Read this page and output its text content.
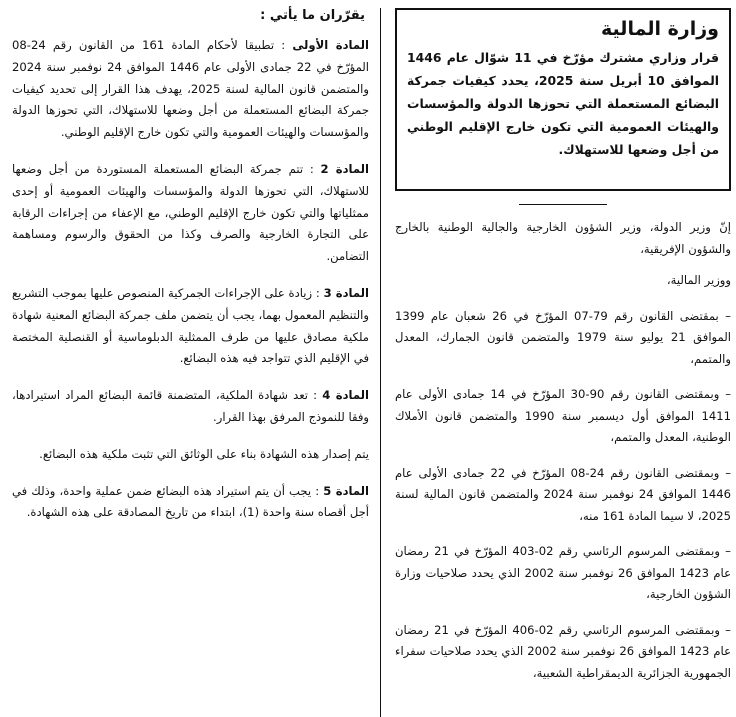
وزارة المالية

قرار وزاري مشترك مؤرّخ في 11 شوّال عام 1446 الموافق 10 أبريل سنة 2025، يحدد كيفيات جمركة البضائع المستعملة التي تحوزها الدولة والمؤسسات والهيئات العمومية التي تكون خارج الإقليم الوطني من أجل وضعها للاستهلاك.

إنّ وزير الدولة، وزير الشؤون الخارجية والجالية الوطنية بالخارج والشؤون الإفريقية،

ووزير المالية،

– بمقتضى القانون رقم 79-07 المؤرّخ في 26 شعبان عام 1399 الموافق 21 يوليو سنة 1979 والمتضمن قانون الجمارك، المعدل والمتمم،

– وبمقتضى القانون رقم 90-30 المؤرّخ في 14 جمادى الأولى عام 1411 الموافق أول ديسمبر سنة 1990 والمتضمن قانون الأملاك الوطنية، المعدل والمتمم،

– وبمقتضى القانون رقم 24-08 المؤرّخ في 22 جمادى الأولى عام 1446 الموافق 24 نوفمبر سنة 2024 والمتضمن قانون المالية لسنة 2025، لا سيما المادة 161 منه،

– وبمقتضى المرسوم الرئاسي رقم 02-403 المؤرّخ في 21 رمضان عام 1423 الموافق 26 نوفمبر سنة 2002 الذي يحدد صلاحيات وزارة الشؤون الخارجية،

– وبمقتضى المرسوم الرئاسي رقم 02-406 المؤرّخ في 21 رمضان عام 1423 الموافق 26 نوفمبر سنة 2002 الذي يحدد صلاحيات سفراء الجمهورية الجزائرية الديمقراطية الشعبية،

يقرّران ما يأتي :

المادة الأولى : تطبيقا لأحكام المادة 161 من القانون رقم 24-08 المؤرّخ في 22 جمادى الأولى عام 1446 الموافق 24 نوفمبر سنة 2024 والمتضمن قانون المالية لسنة 2025، يهدف هذا القرار إلى تحديد كيفيات جمركة البضائع المستعملة من أجل وضعها للاستهلاك، التي تحوزها الدولة والمؤسسات والهيئات العمومية والتي تكون خارج الإقليم الوطني.

المادة 2 : تتم جمركة البضائع المستعملة المستوردة من أجل وضعها للاستهلاك، التي تحوزها الدولة والمؤسسات والهيئات العمومية أو إحدى ممثلياتها والتي تكون خارج الإقليم الوطني، مع الإعفاء من إجراءات الرقابة على التجارة الخارجية والصرف وكذا من الحقوق والرسوم ومساهمة التضامن.

المادة 3 : زيادة على الإجراءات الجمركية المنصوص عليها بموجب التشريع والتنظيم المعمول بهما، يجب أن يتضمن ملف جمركة البضائع المعنية شهادة ملكية مصادق عليها من طرف الممثلية الدبلوماسية أو القنصلية المختصة في الإقليم الذي تتواجد فيه هذه البضائع.

المادة 4 : تعد شهادة الملكية، المتضمنة قائمة البضائع المراد استيرادها، وفقا للنموذج المرفق بهذا القرار.

يتم إصدار هذه الشهادة بناء على الوثائق التي تثبت ملكية هذه البضائع.

المادة 5 : يجب أن يتم استيراد هذه البضائع ضمن عملية واحدة، وذلك في أجل أقصاه سنة واحدة (1)، ابتداء من تاريخ المصادقة على هذه الشهادة.
